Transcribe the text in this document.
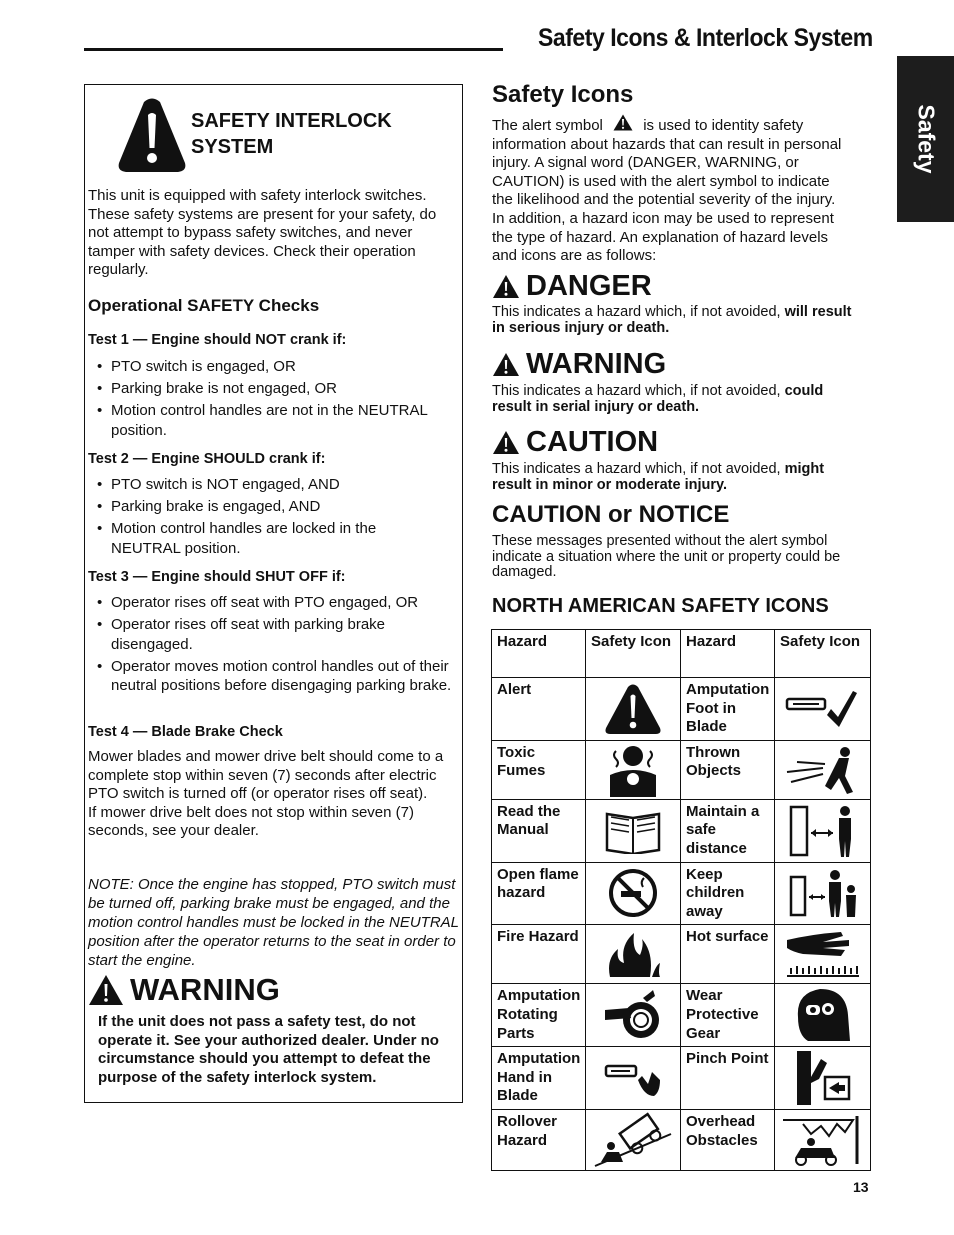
Safety Icons & Interlock System
Safety
SAFETY INTERLOCK
SYSTEM
This unit is equipped with safety interlock switches.
These safety systems are present for your safety, do
not attempt to bypass safety switches, and never
tamper with safety devices. Check their operation
regularly.
Operational SAFETY Checks
Test 1 — Engine should NOT crank if:
• PTO switch is engaged, OR
• Parking brake is not engaged, OR
• Motion control handles are not in the NEUTRAL position.
Test 2 — Engine SHOULD crank if:
• PTO switch is NOT engaged, AND
• Parking brake is engaged, AND
• Motion control handles are locked in the NEUTRAL position.
Test 3 — Engine should SHUT OFF if:
• Operator rises off seat with PTO engaged, OR
• Operator rises off seat with parking brake disengaged.
• Operator moves motion control handles out of their neutral positions before disengaging parking brake.
Test 4 — Blade Brake Check
Mower blades and mower drive belt should come to a
complete stop within seven (7) seconds after electric
PTO switch is turned off (or operator rises off seat).
If mower drive belt does not stop within seven (7)
seconds, see your dealer.
NOTE: Once the engine has stopped, PTO switch must be turned off, parking brake must be engaged, and the motion control handles must be locked in the NEUTRAL position after the operator returns to the seat in order to start the engine.
WARNING
If the unit does not pass a safety test, do not operate it. See your authorized dealer. Under no circumstance should you attempt to defeat the purpose of the safety interlock system.
Safety Icons
The alert symbol	is used to identity safety
information about hazards that can result in personal
injury. A signal word (DANGER, WARNING, or
CAUTION) is used with the alert symbol to indicate
the likelihood and the potential severity of the injury.
In addition, a hazard icon may be used to represent
the type of hazard. An explanation of hazard levels
and icons are as follows:
DANGER
This indicates a hazard which, if not avoided, will result in serious injury or death.
WARNING
This indicates a hazard which, if not avoided, could result in serial injury or death.
CAUTION
This indicates a hazard which, if not avoided, might result in minor or moderate injury.
CAUTION or NOTICE
These messages presented without the alert symbol indicate a situation where the unit or property could be damaged.
NORTH AMERICAN SAFETY ICONS
Hazard	Safety Icon	Hazard	Safety Icon
Alert		Amputation Foot in Blade	

Toxic Fumes		Thrown Objects	

Read the Manual		Maintain a safe distance	

Open flame hazard		Keep children away	

Fire Hazard		Hot surface	

Amputation Rotating Parts		Wear Protective Gear	

Amputation Hand in Blade		Pinch Point	

Rollover Hazard		Overhead Obstacles	
13
